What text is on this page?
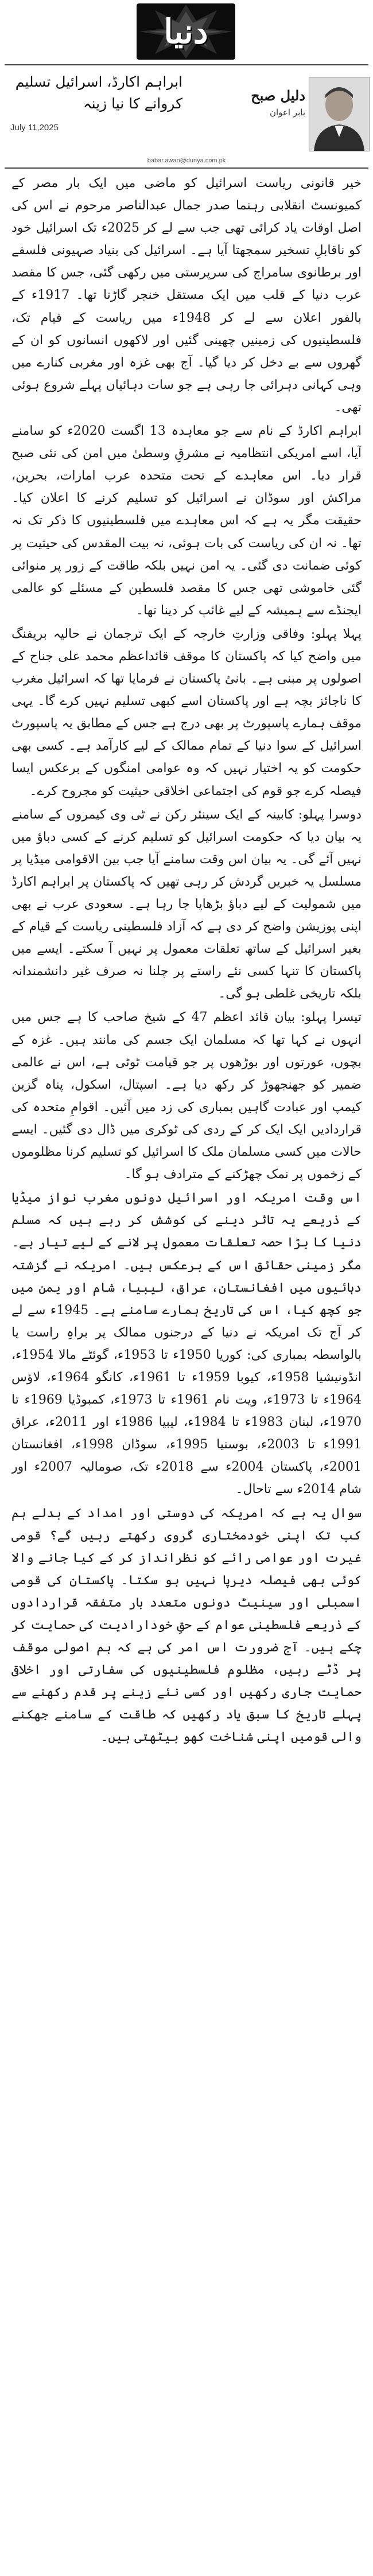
دنیا
ابراہم اکارڈ، اسرائیل تسلیم کروانے کا نیا زینہ
July 11,2025
دلیل صبح
بابر اعوان
babar.awan@dunya.com.pk

خیر قانونی ریاست اسرائیل کو ماضی میں ایک بار مصر کے کمیونسٹ انقلابی رہنما صدر جمال عبدالناصر مرحوم نے اس کی اصل اوقات یاد کرائی تھی جب سے لے کر 2025ء تک اسرائیل خود کو ناقابلِ تسخیر سمجھتا آیا ہے۔ اسرائیل کی بنیاد صہیونی فلسفے اور برطانوی سامراج کی سرپرستی میں رکھی گئی، جس کا مقصد عرب دنیا کے قلب میں ایک مستقل خنجر گاڑنا تھا۔ 1917ء کے بالفور اعلان سے لے کر 1948ء میں ریاست کے قیام تک، فلسطینیوں کی زمینیں چھینی گئیں اور لاکھوں انسانوں کو ان کے گھروں سے بے دخل کر دیا گیا۔ آج بھی غزہ اور مغربی کنارے میں وہی کہانی دہرائی جا رہی ہے جو سات دہائیاں پہلے شروع ہوئی تھی۔

ابراہم اکارڈ کے نام سے جو معاہدہ 13 اگست 2020ء کو سامنے آیا، اسے امریکی انتظامیہ نے مشرقِ وسطیٰ میں امن کی نئی صبح قرار دیا۔ اس معاہدے کے تحت متحدہ عرب امارات، بحرین، مراکش اور سوڈان نے اسرائیل کو تسلیم کرنے کا اعلان کیا۔ حقیقت مگر یہ ہے کہ اس معاہدے میں فلسطینیوں کا ذکر تک نہ تھا۔ نہ ان کی ریاست کی بات ہوئی، نہ بیت المقدس کی حیثیت پر کوئی ضمانت دی گئی۔ یہ امن نہیں بلکہ طاقت کے زور پر منوائی گئی خاموشی تھی جس کا مقصد فلسطین کے مسئلے کو عالمی ایجنڈے سے ہمیشہ کے لیے غائب کر دینا تھا۔

پہلا پہلو: وفاقی وزارتِ خارجہ کے ایک ترجمان نے حالیہ بریفنگ میں واضح کیا کہ پاکستان کا موقف قائداعظم محمد علی جناح کے اصولوں پر مبنی ہے۔ بانیٔ پاکستان نے فرمایا تھا کہ اسرائیل مغرب کا ناجائز بچہ ہے اور پاکستان اسے کبھی تسلیم نہیں کرے گا۔ یہی موقف ہمارے پاسپورٹ پر بھی درج ہے جس کے مطابق یہ پاسپورٹ اسرائیل کے سوا دنیا کے تمام ممالک کے لیے کارآمد ہے۔ کسی بھی حکومت کو یہ اختیار نہیں کہ وہ عوامی امنگوں کے برعکس ایسا فیصلہ کرے جو قوم کی اجتماعی اخلاقی حیثیت کو مجروح کرے۔

دوسرا پہلو: کابینہ کے ایک سینئر رکن نے ٹی وی کیمروں کے سامنے یہ بیان دیا کہ حکومت اسرائیل کو تسلیم کرنے کے کسی دباؤ میں نہیں آئے گی۔ یہ بیان اس وقت سامنے آیا جب بین الاقوامی میڈیا پر مسلسل یہ خبریں گردش کر رہی تھیں کہ پاکستان پر ابراہم اکارڈ میں شمولیت کے لیے دباؤ بڑھایا جا رہا ہے۔ سعودی عرب نے بھی اپنی پوزیشن واضح کر دی ہے کہ آزاد فلسطینی ریاست کے قیام کے بغیر اسرائیل کے ساتھ تعلقات معمول پر نہیں آ سکتے۔ ایسے میں پاکستان کا تنہا کسی نئے راستے پر چلنا نہ صرف غیر دانشمندانہ بلکہ تاریخی غلطی ہو گی۔

تیسرا پہلو: بیان قائد اعظم 47 کے شیخ صاحب کا ہے جس میں انہوں نے کہا تھا کہ مسلمان ایک جسم کی مانند ہیں۔ غزہ کے بچوں، عورتوں اور بوڑھوں پر جو قیامت ٹوٹی ہے، اس نے عالمی ضمیر کو جھنجھوڑ کر رکھ دیا ہے۔ اسپتال، اسکول، پناہ گزین کیمپ اور عبادت گاہیں بمباری کی زد میں آئیں۔ اقوامِ متحدہ کی قراردادیں ایک ایک کر کے ردی کی ٹوکری میں ڈال دی گئیں۔ ایسے حالات میں کسی مسلمان ملک کا اسرائیل کو تسلیم کرنا مظلوموں کے زخموں پر نمک چھڑکنے کے مترادف ہو گا۔

اس وقت امریکہ اور اسرائیل دونوں مغرب نواز میڈیا کے ذریعے یہ تاثر دینے کی کوشش کر رہے ہیں کہ مسلم دنیا کا بڑا حصہ تعلقات معمول پر لانے کے لیے تیار ہے۔ مگر زمینی حقائق اس کے برعکس ہیں۔ امریکہ نے گزشتہ دہائیوں میں افغانستان، عراق، لیبیا، شام اور یمن میں جو کچھ کیا، اس کی تاریخ ہمارے سامنے ہے۔ 1945ء سے لے کر آج تک امریکہ نے دنیا کے درجنوں ممالک پر براہِ راست یا بالواسطہ بمباری کی: کوریا 1950ء تا 1953ء، گوئٹے مالا 1954ء، انڈونیشیا 1958ء، کیوبا 1959ء تا 1961ء، کانگو 1964ء، لاؤس 1964ء تا 1973ء، ویت نام 1961ء تا 1973ء، کمبوڈیا 1969ء تا 1970ء، لبنان 1983ء تا 1984ء، لیبیا 1986ء اور 2011ء، عراق 1991ء تا 2003ء، بوسنیا 1995ء، سوڈان 1998ء، افغانستان 2001ء، پاکستان 2004ء سے 2018ء تک، صومالیہ 2007ء اور شام 2014ء سے تاحال۔

سوال یہ ہے کہ امریکہ کی دوستی اور امداد کے بدلے ہم کب تک اپنی خودمختاری گروی رکھتے رہیں گے؟ قومی غیرت اور عوامی رائے کو نظرانداز کر کے کیا جانے والا کوئی بھی فیصلہ دیرپا نہیں ہو سکتا۔ پاکستان کی قومی اسمبلی اور سینیٹ دونوں متعدد بار متفقہ قراردادوں کے ذریعے فلسطینی عوام کے حقِ خودارادیت کی حمایت کر چکے ہیں۔ آج ضرورت اس امر کی ہے کہ ہم اصولی موقف پر ڈٹے رہیں، مظلوم فلسطینیوں کی سفارتی اور اخلاقی حمایت جاری رکھیں اور کسی نئے زینے پر قدم رکھنے سے پہلے تاریخ کا سبق یاد رکھیں کہ طاقت کے سامنے جھکنے والی قومیں اپنی شناخت کھو بیٹھتی ہیں۔
